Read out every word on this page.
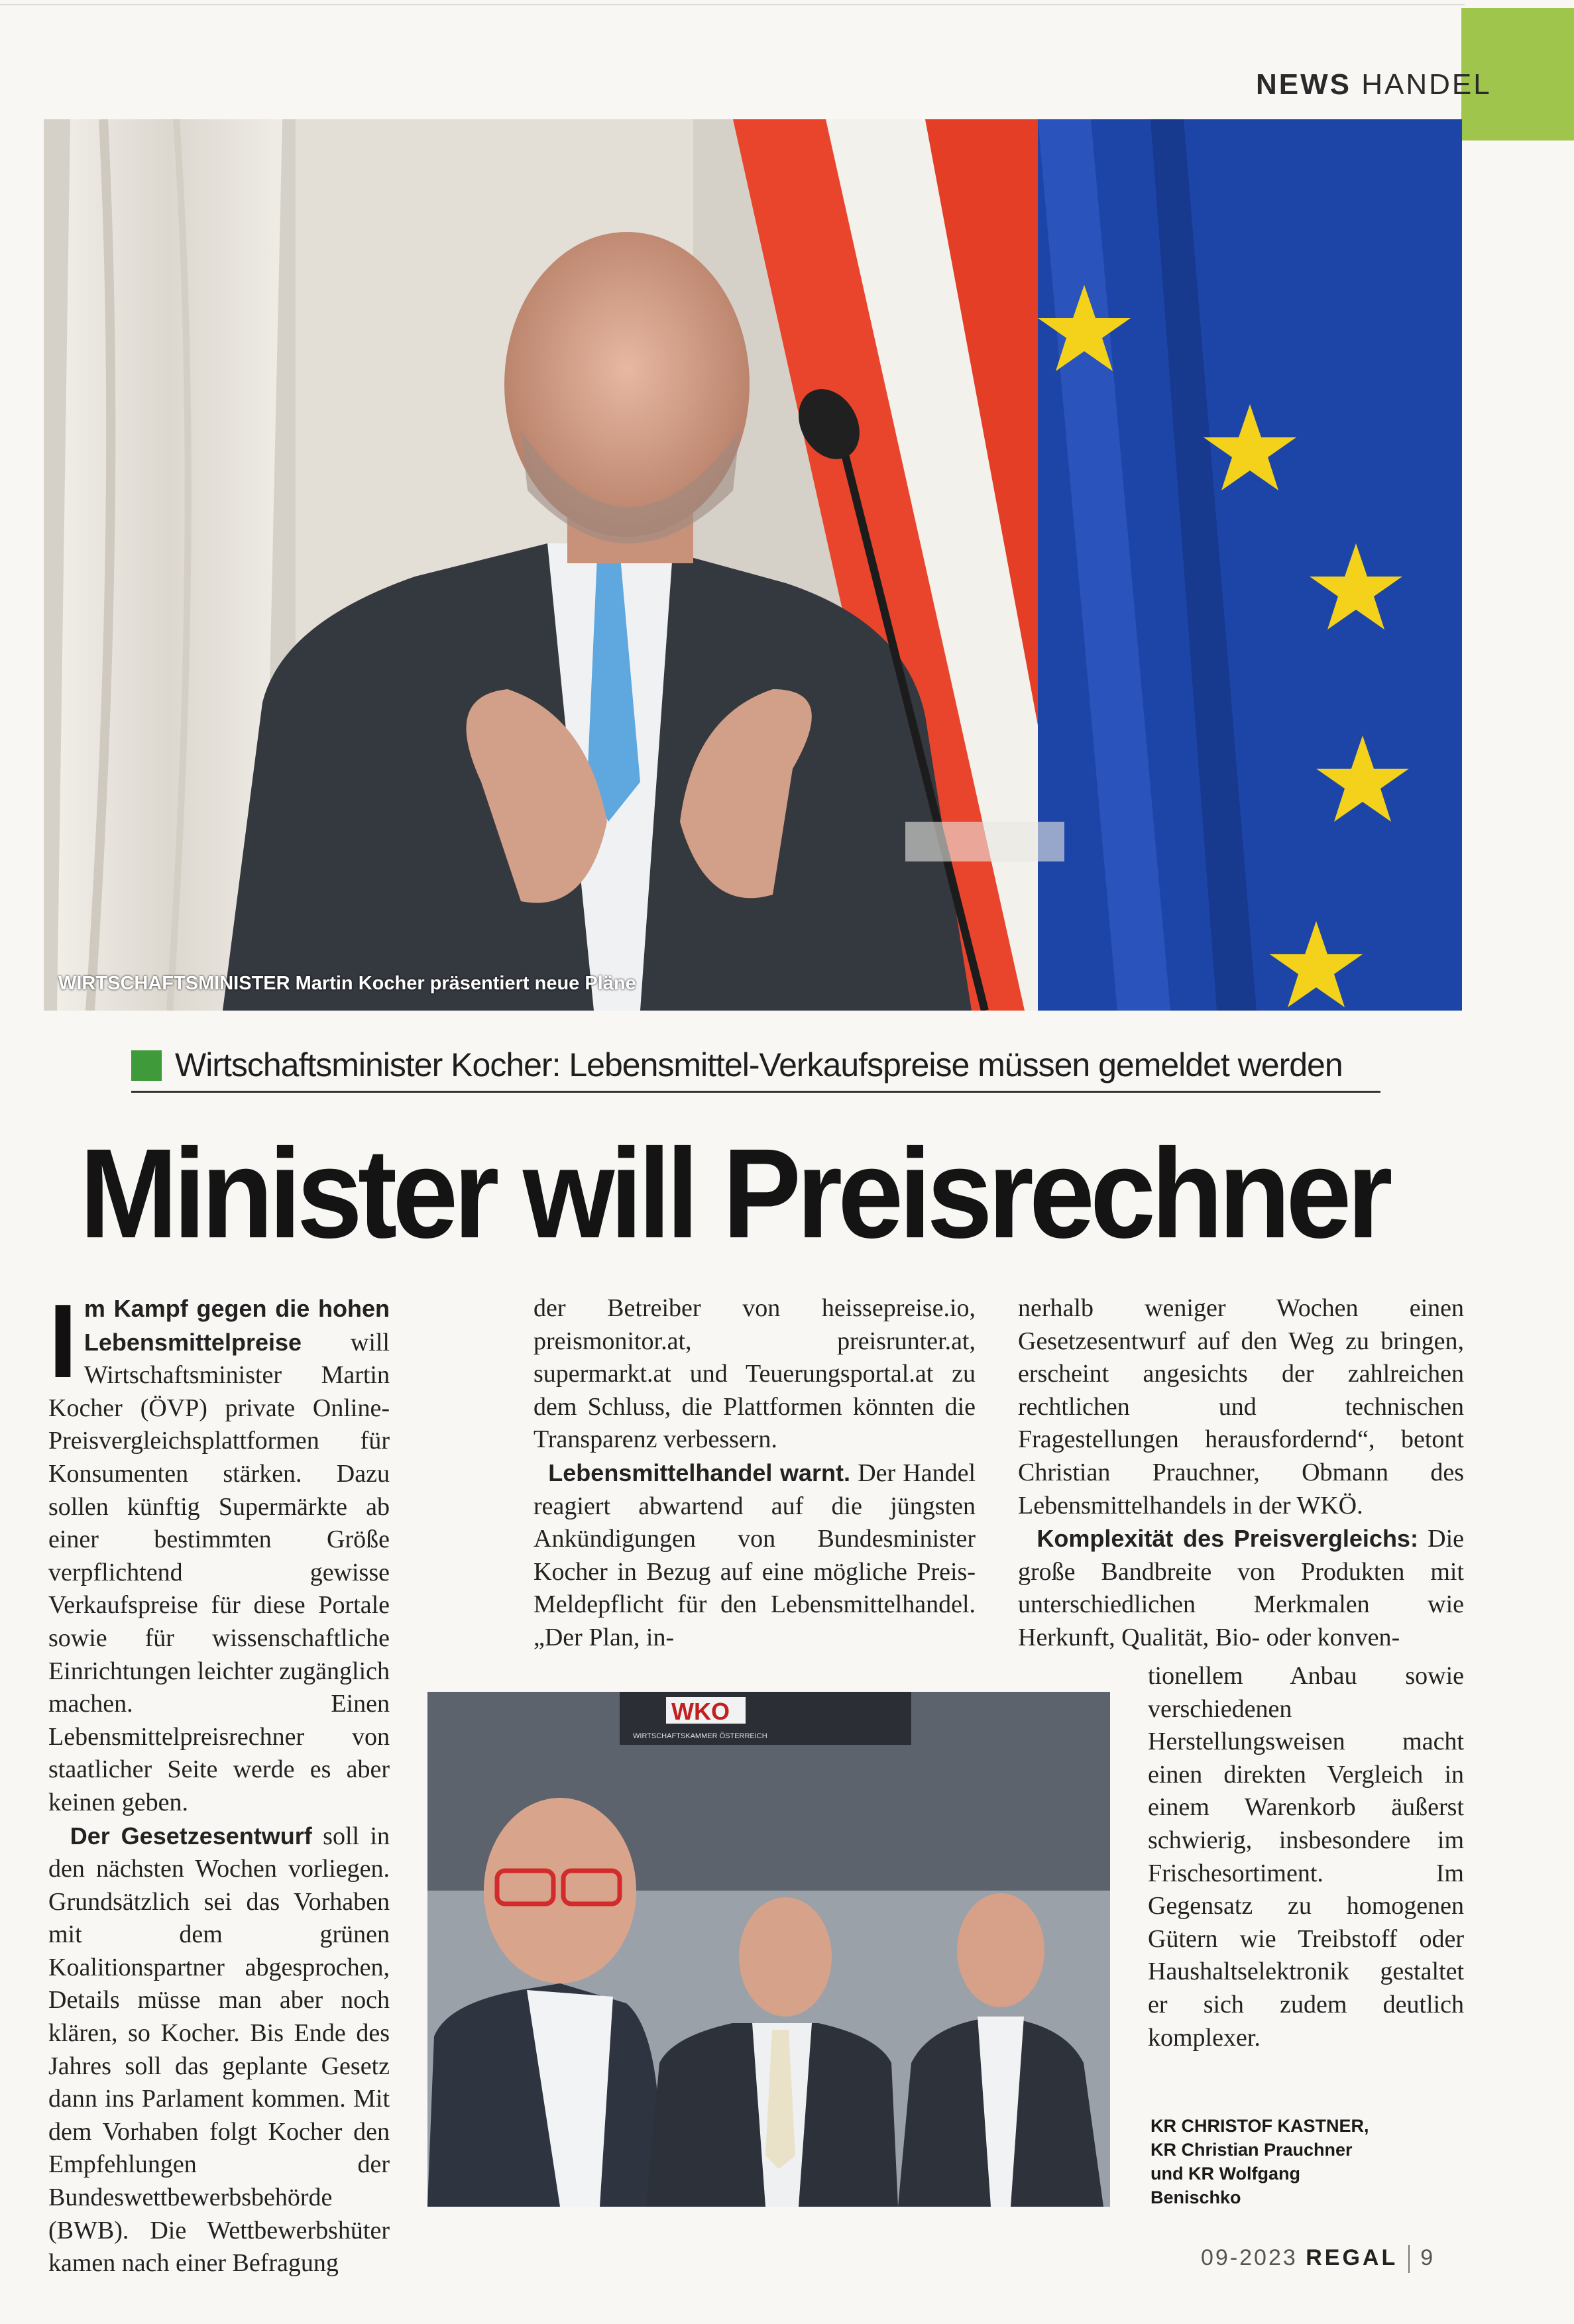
NEWS HANDEL
WIRTSCHAFTSMINISTER Martin Kocher präsentiert neue Pläne
Wirtschaftsminister Kocher: Lebensmittel-Verkaufspreise müssen gemeldet werden
Minister will Preisrechner

Im Kampf gegen die hohen Lebensmittelpreise will Wirtschaftsminister Martin Kocher (ÖVP) private Online-Preisvergleichsplattformen für Konsumenten stärken. Dazu sollen künftig Supermärkte ab einer bestimmten Größe verpflichtend gewisse Verkaufspreise für diese Portale sowie für wissenschaftliche Einrichtungen leichter zugänglich machen. Einen Lebensmittelpreisrechner von staatlicher Seite werde es aber keinen geben.

Der Gesetzesentwurf soll in den nächsten Wochen vorliegen. Grundsätzlich sei das Vorhaben mit dem grünen Koalitionspartner abgesprochen, Details müsse man aber noch klären, so Kocher. Bis Ende des Jahres soll das geplante Gesetz dann ins Parlament kommen. Mit dem Vorhaben folgt Kocher den Empfehlungen der Bundeswettbewerbsbehörde (BWB). Die Wettbewerbshüter kamen nach einer Befragung

der Betreiber von heissepreise.io, preismonitor.at, preisrunter.at, supermarkt.at und Teuerungsportal.at zu dem Schluss, die Plattformen könnten die Transparenz verbessern.

Lebensmittelhandel warnt. Der Handel reagiert abwartend auf die jüngsten Ankündigungen von Bundesminister Kocher in Bezug auf eine mögliche Preis-Meldepflicht für den Lebensmittelhandel. „Der Plan, in-

nerhalb weniger Wochen einen Gesetzesentwurf auf den Weg zu bringen, erscheint angesichts der zahlreichen rechtlichen und technischen Fragestellungen herausfordernd“, betont Christian Prauchner, Obmann des Lebensmittelhandels in der WKÖ.

Komplexität des Preisvergleichs: Die große Bandbreite von Produkten mit unterschiedlichen Merkmalen wie Herkunft, Qualität, Bio- oder konven-

tionellem Anbau sowie verschiedenen Herstellungsweisen macht einen direkten Vergleich in einem Warenkorb äußerst schwierig, insbesondere im Frischesortiment. Im Gegensatz zu homogenen Gütern wie Treibstoff oder Haushaltselektronik gestaltet er sich zudem deutlich komplexer.
WKO
WIRTSCHAFTSKAMMER ÖSTERREICH
KR CHRISTOF KASTNER,
KR Christian Prauchner
und KR Wolfgang
Benischko
09-2023 REGAL 9
